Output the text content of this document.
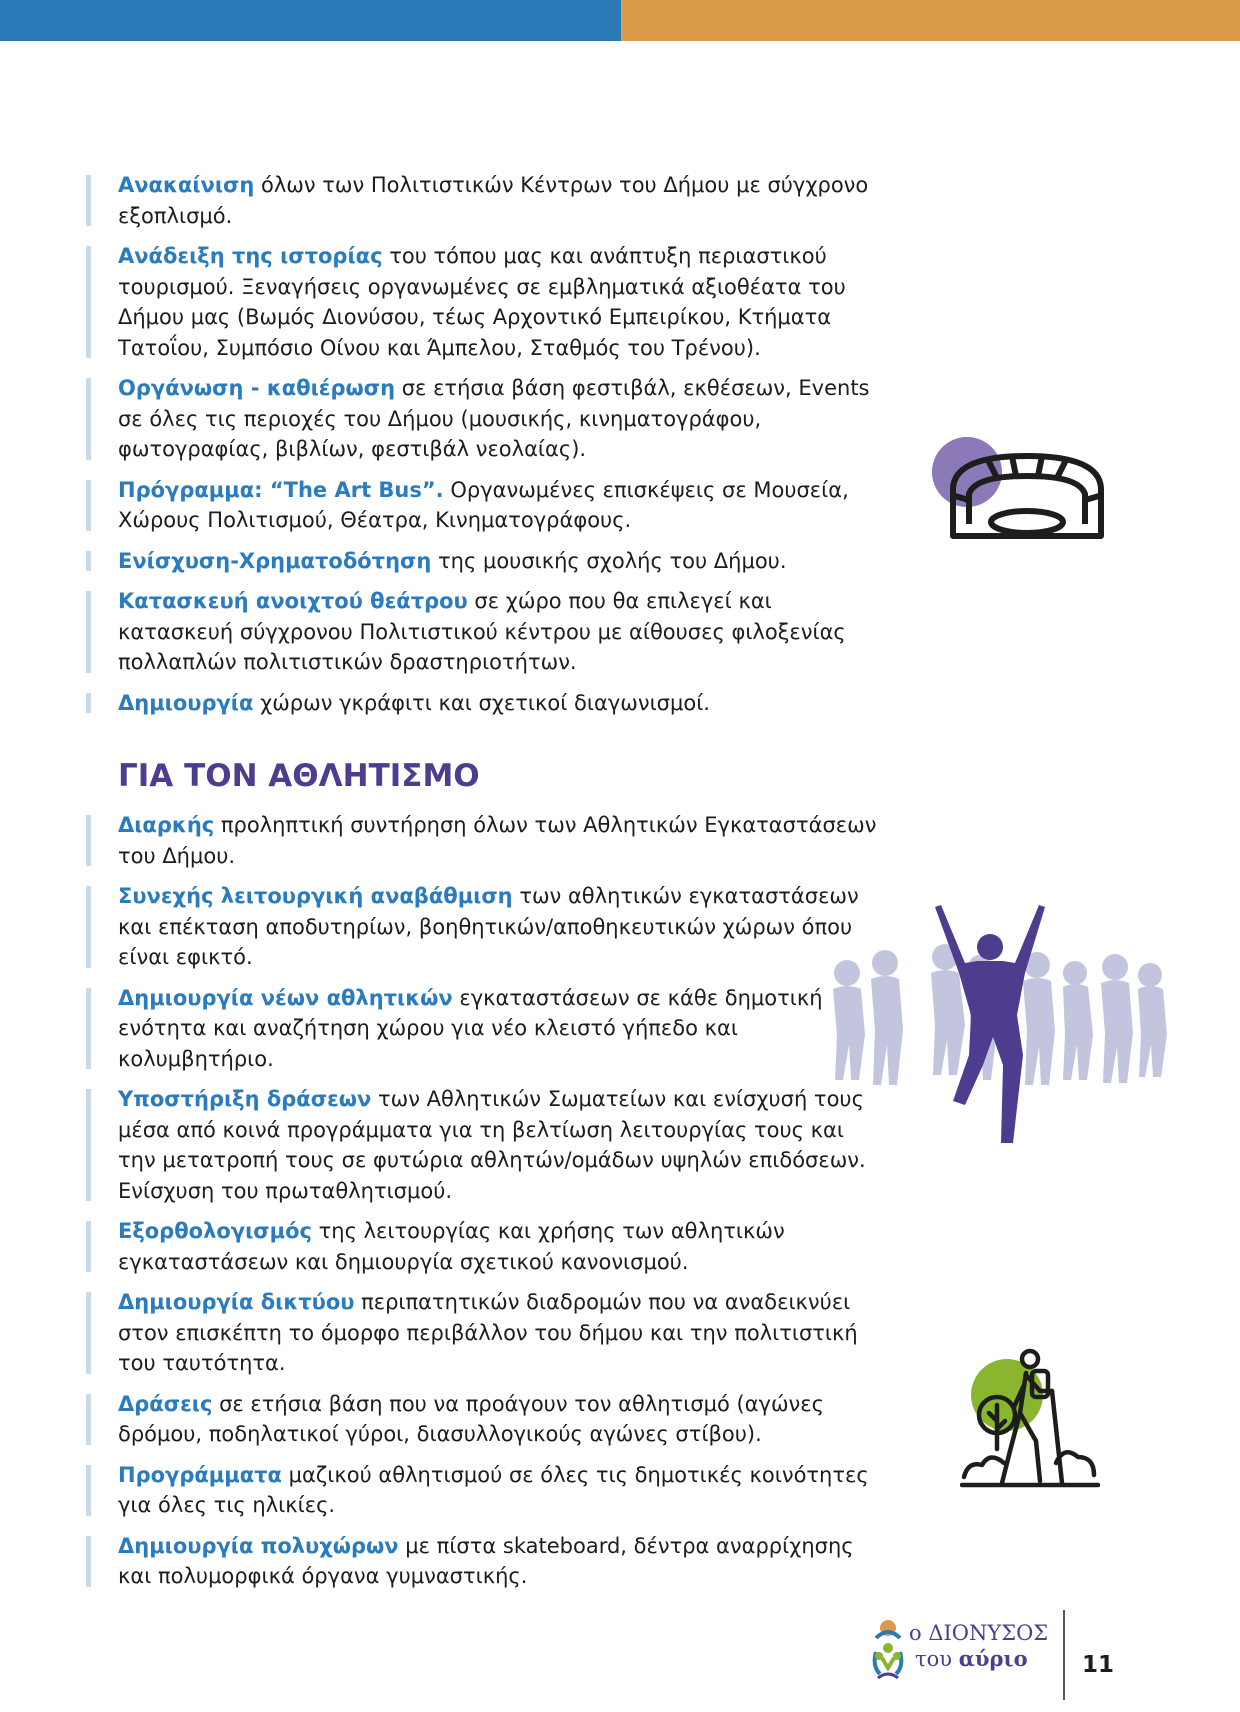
Ανακαίνιση όλων των Πολιτιστικών Κέντρων του Δήμου με σύγχρονο εξοπλισμό.
Ανάδειξη της ιστορίας του τόπου μας και ανάπτυξη περιαστικού τουρισμού. Ξεναγήσεις οργανωμένες σε εμβληματικά αξιοθέατα του Δήμου μας (Βωμός Διονύσου, τέως Αρχοντικό Εμπειρίκου, Κτήματα Τατοΐου, Συμπόσιο Οίνου και Άμπελου, Σταθμός του Τρένου).
Οργάνωση - καθιέρωση σε ετήσια βάση φεστιβάλ, εκθέσεων, Events σε όλες τις περιοχές του Δήμου (μουσικής, κινηματογράφου, φωτογραφίας, βιβλίων, φεστιβάλ νεολαίας).
Πρόγραμμα: “The Art Bus”. Οργανωμένες επισκέψεις σε Μουσεία, Χώρους Πολιτισμού, Θέατρα, Κινηματογράφους.
Ενίσχυση-Χρηματοδότηση της μουσικής σχολής του Δήμου.
Κατασκευή ανοιχτού θεάτρου σε χώρο που θα επιλεγεί και κατασκευή σύγχρονου Πολιτιστικού κέντρου με αίθουσες φιλοξενίας πολλαπλών πολιτιστικών δραστηριοτήτων.
Δημιουργία χώρων γκράφιτι και σχετικοί διαγωνισμοί.
ΓΙΑ ΤΟΝ ΑΘΛΗΤΙΣΜΟ
Διαρκής προληπτική συντήρηση όλων των Αθλητικών Εγκαταστάσεων του Δήμου.
Συνεχής λειτουργική αναβάθμιση των αθλητικών εγκαταστάσεων και επέκταση αποδυτηρίων, βοηθητικών/αποθηκευτικών χώρων όπου είναι εφικτό.
Δημιουργία νέων αθλητικών εγκαταστάσεων σε κάθε δημοτική ενότητα και αναζήτηση χώρου για νέο κλειστό γήπεδο και κολυμβητήριο.
Υποστήριξη δράσεων των Αθλητικών Σωματείων και ενίσχυσή τους μέσα από κοινά προγράμματα για τη βελτίωση λειτουργίας τους και την μετατροπή τους σε φυτώρια αθλητών/ομάδων υψηλών επιδόσεων. Ενίσχυση του πρωταθλητισμού.
Εξορθολογισμός της λειτουργίας και χρήσης των αθλητικών εγκαταστάσεων και δημιουργία σχετικού κανονισμού.
Δημιουργία δικτύου περιπατητικών διαδρομών που να αναδεικνύει στον επισκέπτη το όμορφο περιβάλλον του δήμου και την πολιτιστική του ταυτότητα.
Δράσεις σε ετήσια βάση που να προάγουν τον αθλητισμό (αγώνες δρόμου, ποδηλατικοί γύροι, διασυλλογικούς αγώνες στίβου).
Προγράμματα μαζικού αθλητισμού σε όλες τις δημοτικές κοινότητες για όλες τις ηλικίες.
Δημιουργία πολυχώρων με πίστα skateboard, δέντρα αναρρίχησης και πολυμορφικά όργανα γυμναστικής.
ο ΔΙΟΝΥΣΟΣ
του αύριο	11
